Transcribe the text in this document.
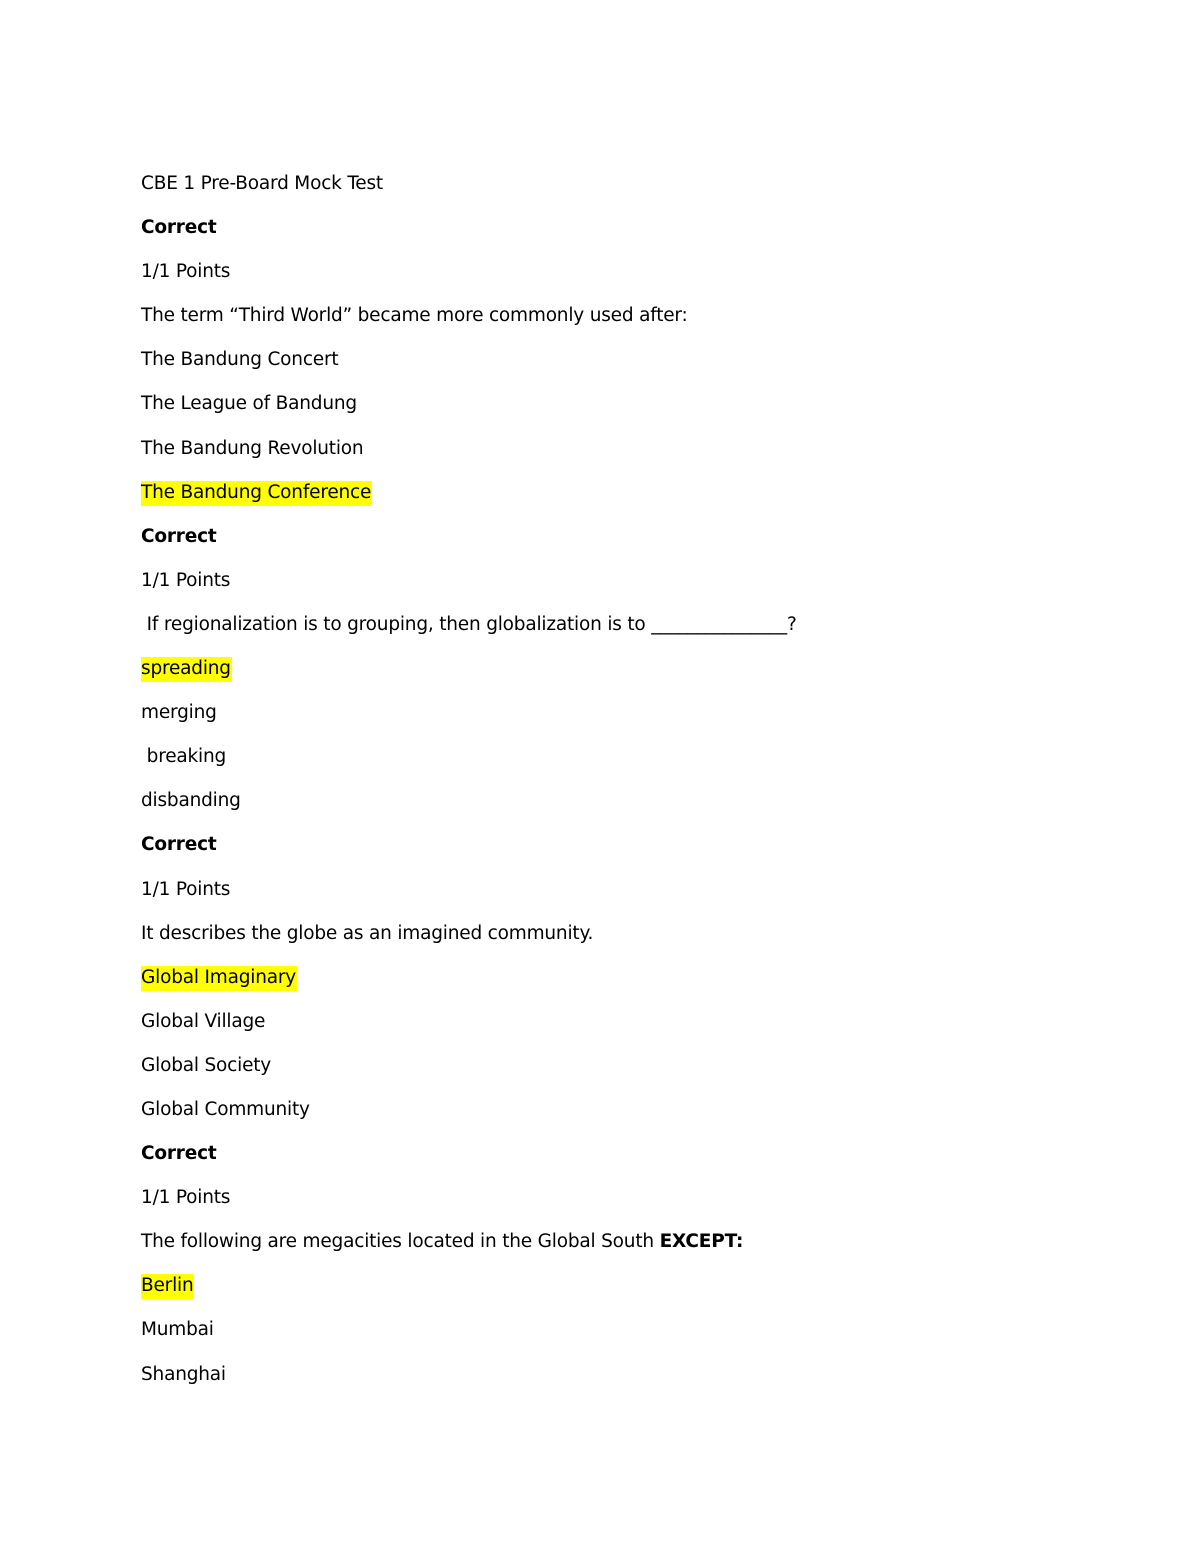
CBE 1 Pre-Board Mock Test
Correct
1/1 Points
The term “Third World” became more commonly used after:
The Bandung Concert
The League of Bandung
The Bandung Revolution
The Bandung Conference
Correct
1/1 Points
If regionalization is to grouping, then globalization is to _______________?
spreading
merging
breaking
disbanding
Correct
1/1 Points
It describes the globe as an imagined community.
Global Imaginary
Global Village
Global Society
Global Community
Correct
1/1 Points
The following are megacities located in the Global South EXCEPT:
Berlin
Mumbai
Shanghai
